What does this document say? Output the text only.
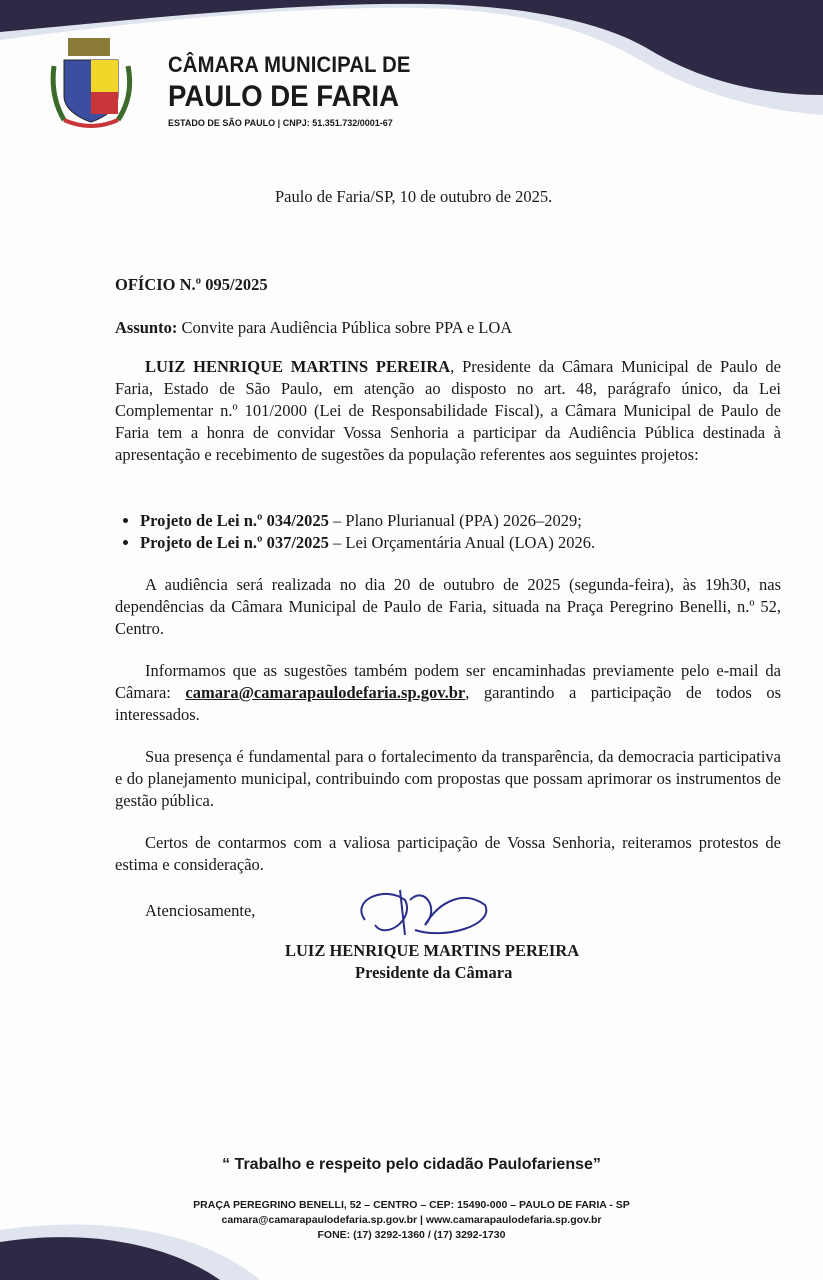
CÂMARA MUNICIPAL DE
PAULO DE FARIA
ESTADO DE SÃO PAULO | CNPJ: 51.351.732/0001-67
Paulo de Faria/SP, 10 de outubro de 2025.
OFÍCIO N.º 095/2025
Assunto: Convite para Audiência Pública sobre PPA e LOA
LUIZ HENRIQUE MARTINS PEREIRA, Presidente da Câmara Municipal de Paulo de Faria, Estado de São Paulo, em atenção ao disposto no art. 48, parágrafo único, da Lei Complementar n.º 101/2000 (Lei de Responsabilidade Fiscal), a Câmara Municipal de Paulo de Faria tem a honra de convidar Vossa Senhoria a participar da Audiência Pública destinada à apresentação e recebimento de sugestões da população referentes aos seguintes projetos:
• Projeto de Lei n.º 034/2025 – Plano Plurianual (PPA) 2026–2029;
• Projeto de Lei n.º 037/2025 – Lei Orçamentária Anual (LOA) 2026.
A audiência será realizada no dia 20 de outubro de 2025 (segunda-feira), às 19h30, nas dependências da Câmara Municipal de Paulo de Faria, situada na Praça Peregrino Benelli, n.º 52, Centro.
Informamos que as sugestões também podem ser encaminhadas previamente pelo e-mail da Câmara: camara@camarapaulodefaria.sp.gov.br, garantindo a participação de todos os interessados.
Sua presença é fundamental para o fortalecimento da transparência, da democracia participativa e do planejamento municipal, contribuindo com propostas que possam aprimorar os instrumentos de gestão pública.
Certos de contarmos com a valiosa participação de Vossa Senhoria, reiteramos protestos de estima e consideração.
Atenciosamente,
LUIZ HENRIQUE MARTINS PEREIRA
Presidente da Câmara
“ Trabalho e respeito pelo cidadão Paulofariense”
PRAÇA PEREGRINO BENELLI, 52 – CENTRO – CEP: 15490-000 – PAULO DE FARIA - SP
camara@camarapaulodefaria.sp.gov.br | www.camarapaulodefaria.sp.gov.br
FONE: (17) 3292-1360 / (17) 3292-1730
